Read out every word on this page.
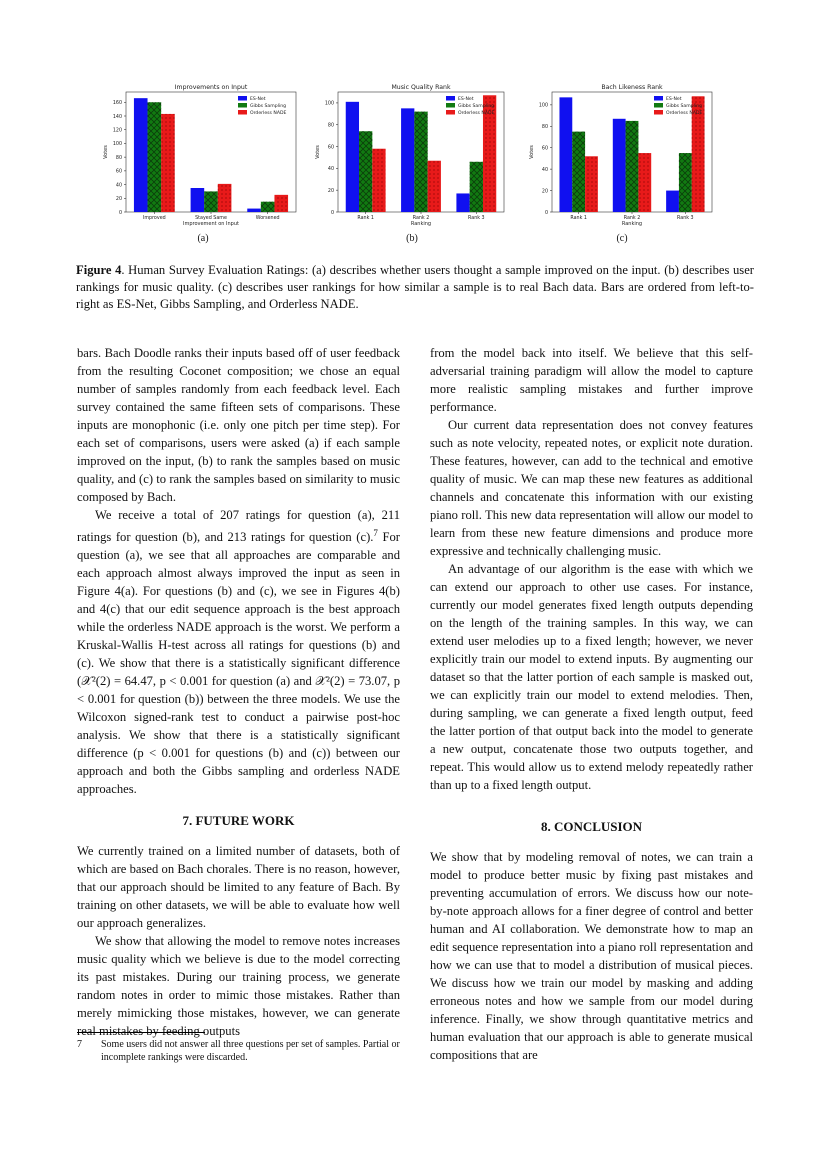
Improvements on Input
0
20
40
60
80
100
120
140
160
Votes
Improved	Stayed Same	Worsened
Improvement on Input
ES-Net
Gibbs Sampling
Orderless NADE
Music Quality Rank
0
20
40
60
80
100
Votes
Rank 1	Rank 2	Rank 3
Ranking
ES-Net
Gibbs Sampling
Orderless NADE
Bach Likeness Rank
0
20
40
60
80
100
Votes
Rank 1	Rank 2	Rank 3
Ranking
ES-Net
Gibbs Sampling
Orderless NADE
(a)	(b)	(c)
Figure 4. Human Survey Evaluation Ratings: (a) describes whether users thought a sample improved on the input. (b) describes user rankings for music quality. (c) describes user rankings for how similar a sample is to real Bach data. Bars are ordered from left-to-right as ES-Net, Gibbs Sampling, and Orderless NADE.

bars. Bach Doodle ranks their inputs based off of user feedback from the resulting Coconet composition; we chose an equal number of samples randomly from each feedback level. Each survey contained the same fifteen sets of comparisons. These inputs are monophonic (i.e. only one pitch per time step). For each set of comparisons, users were asked (a) if each sample improved on the input, (b) to rank the samples based on music quality, and (c) to rank the samples based on similarity to music composed by Bach.

We receive a total of 207 ratings for question (a), 211 ratings for question (b), and 213 ratings for question (c).$^7$ For question (a), we see that all approaches are comparable and each approach almost always improved the input as seen in Figure 4(a). For questions (b) and (c), we see in Figures 4(b) and 4(c) that our edit sequence approach is the best approach while the orderless NADE approach is the worst. We perform a Kruskal-Wallis H-test across all ratings for questions (b) and (c). We show that there is a statistically significant difference (𝒳²(2) = 64.47, p < 0.001 for question (a) and 𝒳²(2) = 73.07, p < 0.001 for question (b)) between the three models. We use the Wilcoxon signed-rank test to conduct a pairwise post-hoc analysis. We show that there is a statistically significant difference (p < 0.001 for questions (b) and (c)) between our approach and both the Gibbs sampling and orderless NADE approaches.

7. FUTURE WORK

We currently trained on a limited number of datasets, both of which are based on Bach chorales. There is no reason, however, that our approach should be limited to any feature of Bach. By training on other datasets, we will be able to evaluate how well our approach generalizes.

We show that allowing the model to remove notes increases music quality which we believe is due to the model correcting its past mistakes. During our training process, we generate random notes in order to mimic those mistakes. Rather than merely mimicking those mistakes, however, we can generate real mistakes by feeding outputs

7 Some users did not answer all three questions per set of samples. Partial or incomplete rankings were discarded.

from the model back into itself. We believe that this self-adversarial training paradigm will allow the model to capture more realistic sampling mistakes and further improve performance.

Our current data representation does not convey features such as note velocity, repeated notes, or explicit note duration. These features, however, can add to the technical and emotive quality of music. We can map these new features as additional channels and concatenate this information with our existing piano roll. This new data representation will allow our model to learn from these new feature dimensions and produce more expressive and technically challenging music.

An advantage of our algorithm is the ease with which we can extend our approach to other use cases. For instance, currently our model generates fixed length outputs depending on the length of the training samples. In this way, we can extend user melodies up to a fixed length; however, we never explicitly train our model to extend inputs. By augmenting our dataset so that the latter portion of each sample is masked out, we can explicitly train our model to extend melodies. Then, during sampling, we can generate a fixed length output, feed the latter portion of that output back into the model to generate a new output, concatenate those two outputs together, and repeat. This would allow us to extend melody repeatedly rather than up to a fixed length output.

8. CONCLUSION

We show that by modeling removal of notes, we can train a model to produce better music by fixing past mistakes and preventing accumulation of errors. We discuss how our note-by-note approach allows for a finer degree of control and better human and AI collaboration. We demonstrate how to map an edit sequence representation into a piano roll representation and how we can use that to model a distribution of musical pieces. We discuss how we train our model by masking and adding erroneous notes and how we sample from our model during inference. Finally, we show through quantitative metrics and human evaluation that our approach is able to generate musical compositions that are
